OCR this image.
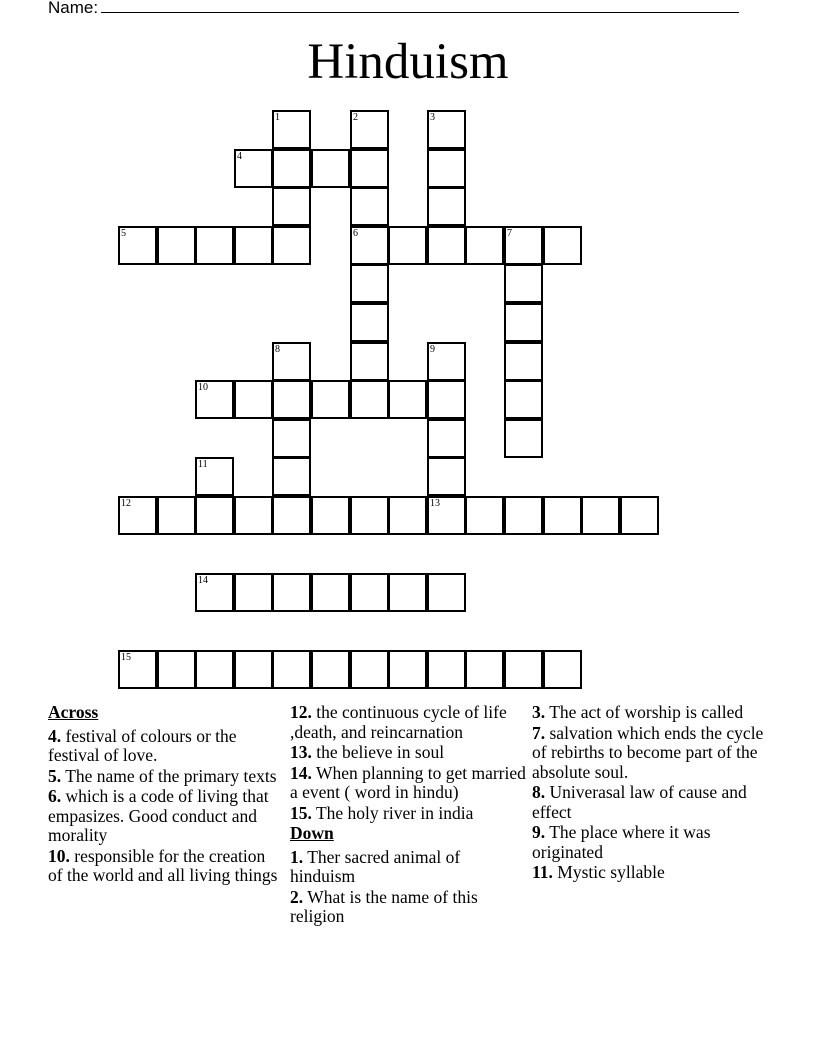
Name:
Hinduism
1	2	3
4
5	6	7
8	9
10
11
12	13
14
15
Across
4. festival of colours or the festival of love.
5. The name of the primary texts
6. which is a code of living that empasizes. Good conduct and morality
10. responsible for the creation of the world and all living things
12. the continuous cycle of life ,death, and reincarnation
13. the believe in soul
14. When planning to get married a event ( word in hindu)
15. The holy river in india
Down
1. Ther sacred animal of hinduism
2. What is the name of this religion
3. The act of worship is called
7. salvation which ends the cycle of rebirths to become part of the absolute soul.
8. Univerasal law of cause and effect
9. The place where it was originated
11. Mystic syllable
